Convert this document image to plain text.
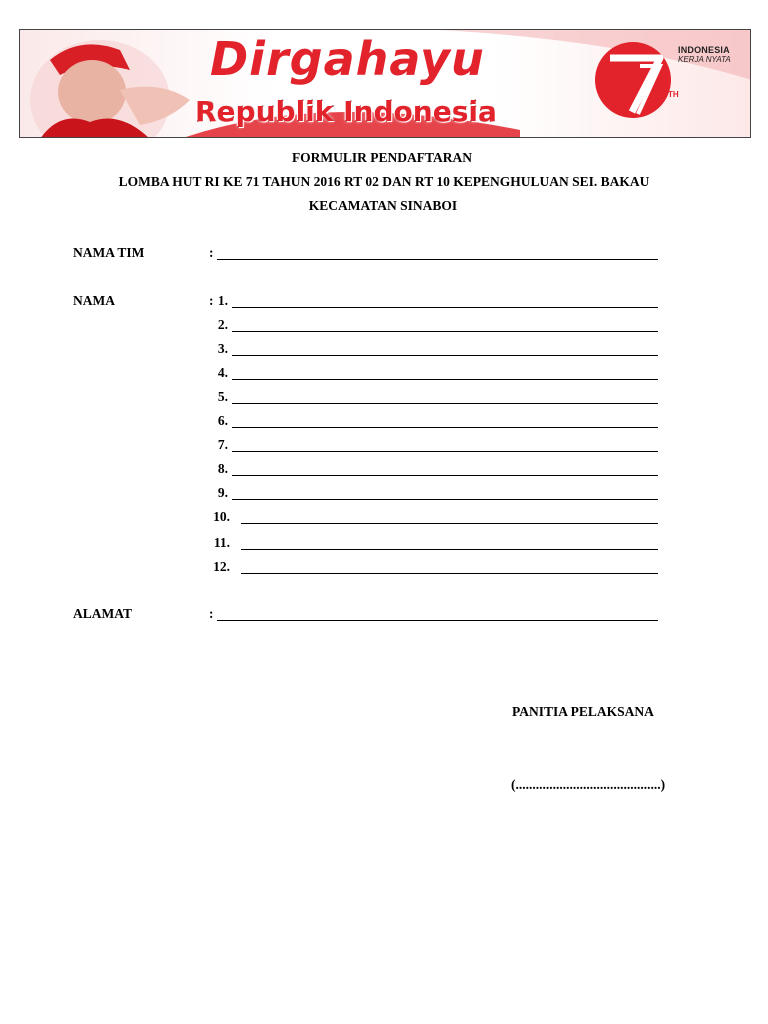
Dirgahayu
Republik Indonesia
INDONESIA
KERJA NYATA
TH
FORMULIR PENDAFTARAN
LOMBA HUT RI KE 71 TAHUN 2016 RT 02 DAN RT 10 KEPENGHULUAN SEI. BAKAU
KECAMATAN SINABOI
NAMA TIM	:
NAMA	: 1.
2.
3.
4.
5.
6.
7.
8.
9.
10.
11.
12.
ALAMAT	:
PANITIA PELAKSANA
(...........................................)
